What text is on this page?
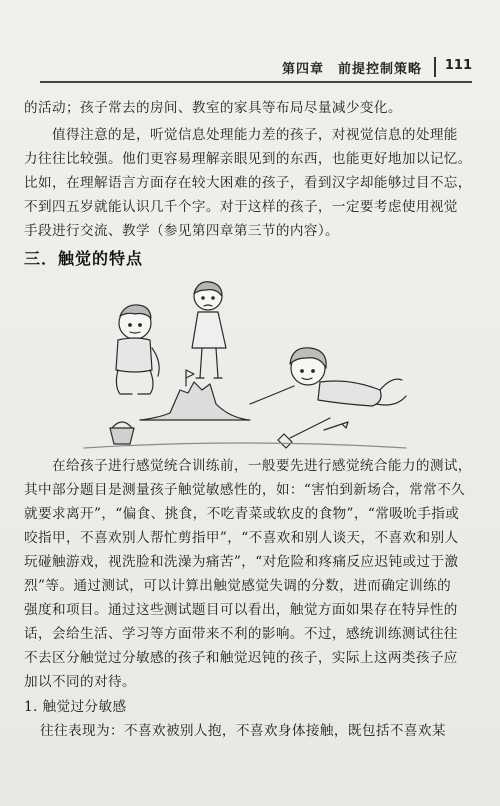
第四章　前提控制策略 111
的活动；孩子常去的房间、教室的家具等布局尽量减少变化。
　　值得注意的是，听觉信息处理能力差的孩子，对视觉信息的处理能
力往往比较强。他们更容易理解亲眼见到的东西，也能更好地加以记忆。
比如，在理解语言方面存在较大困难的孩子，看到汉字却能够过目不忘，
不到四五岁就能认识几千个字。对于这样的孩子，一定要考虑使用视觉
手段进行交流、教学（参见第四章第三节的内容）。
三．触觉的特点
　　在给孩子进行感觉统合训练前，一般要先进行感觉统合能力的测试，
其中部分题目是测量孩子触觉敏感性的，如：“害怕到新场合，常常不久
就要求离开”，“偏食、挑食，不吃青菜或软皮的食物”，“常吸吮手指或
咬指甲，不喜欢别人帮忙剪指甲”，“不喜欢和别人谈天，不喜欢和别人
玩碰触游戏，视洗脸和洗澡为痛苦”，“对危险和疼痛反应迟钝或过于激
烈”等。通过测试，可以计算出触觉感觉失调的分数，进而确定训练的
强度和项目。通过这些测试题目可以看出，触觉方面如果存在特异性的
话，会给生活、学习等方面带来不利的影响。不过，感统训练测试往往
不去区分触觉过分敏感的孩子和触觉迟钝的孩子，实际上这两类孩子应
加以不同的对待。
1. 触觉过分敏感
往往表现为：不喜欢被别人抱，不喜欢身体接触，既包括不喜欢某
